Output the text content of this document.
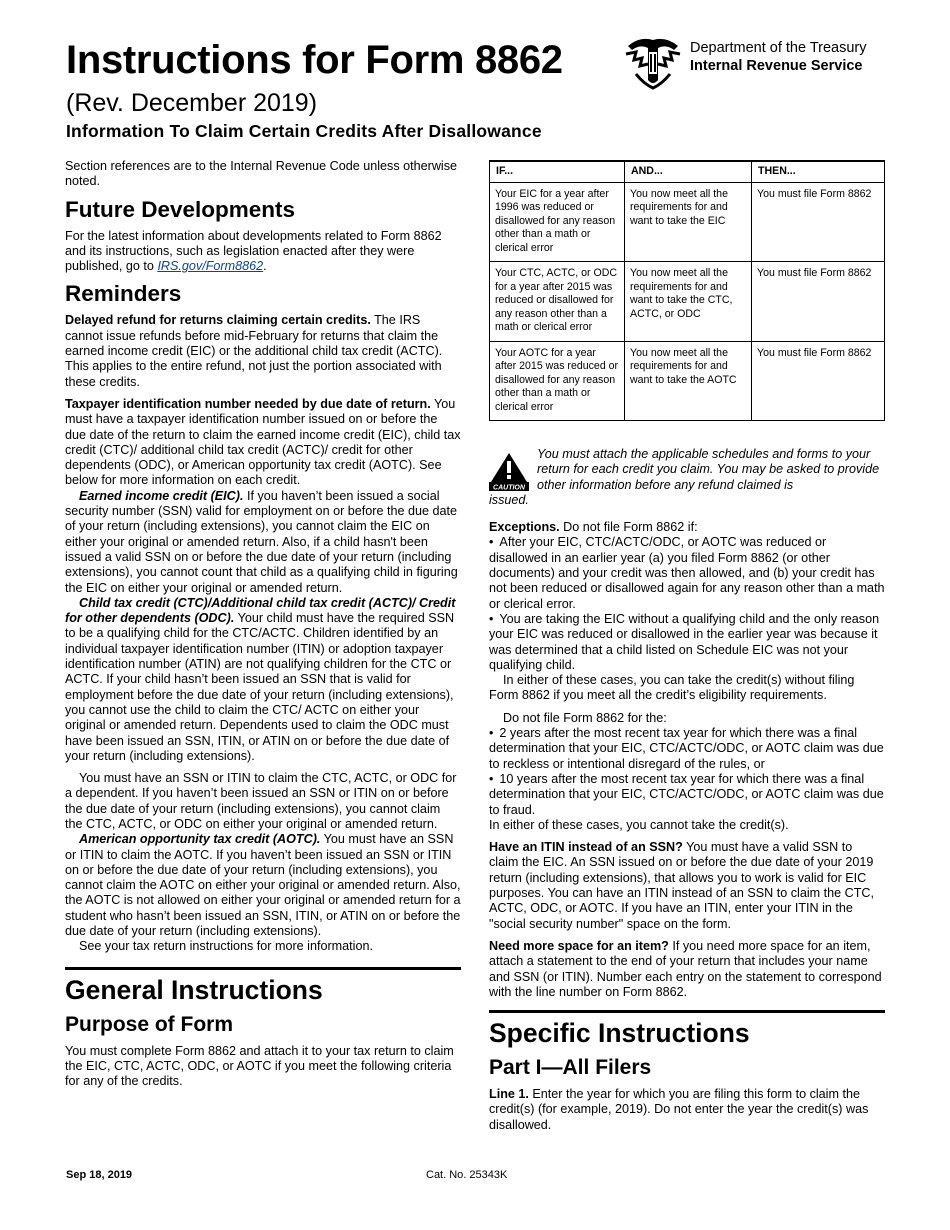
Instructions for Form 8862
(Rev. December 2019)
Information To Claim Certain Credits After Disallowance
Department of the Treasury
Internal Revenue Service

Section references are to the Internal Revenue Code unless otherwise noted.

Future Developments

For the latest information about developments related to Form 8862 and its instructions, such as legislation enacted after they were published, go to IRS.gov/Form8862.

Reminders

Delayed refund for returns claiming certain credits. The IRS cannot issue refunds before mid-February for returns that claim the earned income credit (EIC) or the additional child tax credit (ACTC). This applies to the entire refund, not just the portion associated with these credits.

Taxpayer identification number needed by due date of return. You must have a taxpayer identification number issued on or before the due date of the return to claim the earned income credit (EIC), child tax credit (CTC)/ additional child tax credit (ACTC)/ credit for other dependents (ODC), or American opportunity tax credit (AOTC). See below for more information on each credit.

Earned income credit (EIC). If you haven’t been issued a social security number (SSN) valid for employment on or before the due date of your return (including extensions), you cannot claim the EIC on either your original or amended return. Also, if a child hasn't been issued a valid SSN on or before the due date of your return (including extensions), you cannot count that child as a qualifying child in figuring the EIC on either your original or amended return.

Child tax credit (CTC)/Additional child tax credit (ACTC)/ Credit for other dependents (ODC). Your child must have the required SSN to be a qualifying child for the CTC/ACTC. Children identified by an individual taxpayer identification number (ITIN) or adoption taxpayer identification number (ATIN) are not qualifying children for the CTC or ACTC. If your child hasn’t been issued an SSN that is valid for employment before the due date of your return (including extensions), you cannot use the child to claim the CTC/ ACTC on either your original or amended return. Dependents used to claim the ODC must have been issued an SSN, ITIN, or ATIN on or before the due date of your return (including extensions).

You must have an SSN or ITIN to claim the CTC, ACTC, or ODC for a dependent. If you haven’t been issued an SSN or ITIN on or before the due date of your return (including extensions), you cannot claim the CTC, ACTC, or ODC on either your original or amended return.

American opportunity tax credit (AOTC). You must have an SSN or ITIN to claim the AOTC. If you haven’t been issued an SSN or ITIN on or before the due date of your return (including extensions), you cannot claim the AOTC on either your original or amended return. Also, the AOTC is not allowed on either your original or amended return for a student who hasn’t been issued an SSN, ITIN, or ATIN on or before the due date of your return (including extensions).

See your tax return instructions for more information.

General Instructions
Purpose of Form

You must complete Form 8862 and attach it to your tax return to claim the EIC, CTC, ACTC, ODC, or AOTC if you meet the following criteria for any of the credits.

IF...	AND...	THEN...
Your EIC for a year after 1996 was reduced or disallowed for any reason other than a math or clerical error	You now meet all the requirements for and want to take the EIC	You must file Form 8862
Your CTC, ACTC, or ODC for a year after 2015 was reduced or disallowed for any reason other than a math or clerical error	You now meet all the requirements for and want to take the CTC, ACTC, or ODC	You must file Form 8862
Your AOTC for a year after 2015 was reduced or disallowed for any reason other than a math or clerical error	You now meet all the requirements for and want to take the AOTC	You must file Form 8862
CAUTION
You must attach the applicable schedules and forms to your return for each credit you claim. You may be asked to provide other information before any refund claimed is
issued.

Exceptions. Do not file Form 8862 if:

• After your EIC, CTC/ACTC/ODC, or AOTC was reduced or disallowed in an earlier year (a) you filed Form 8862 (or other documents) and your credit was then allowed, and (b) your credit has not been reduced or disallowed again for any reason other than a math or clerical error.

• You are taking the EIC without a qualifying child and the only reason your EIC was reduced or disallowed in the earlier year was because it was determined that a child listed on Schedule EIC was not your qualifying child.

In either of these cases, you can take the credit(s) without filing Form 8862 if you meet all the credit’s eligibility requirements.

Do not file Form 8862 for the:

• 2 years after the most recent tax year for which there was a final determination that your EIC, CTC/ACTC/ODC, or AOTC claim was due to reckless or intentional disregard of the rules, or

• 10 years after the most recent tax year for which there was a final determination that your EIC, CTC/ACTC/ODC, or AOTC claim was due to fraud.

In either of these cases, you cannot take the credit(s).

Have an ITIN instead of an SSN? You must have a valid SSN to claim the EIC. An SSN issued on or before the due date of your 2019 return (including extensions), that allows you to work is valid for EIC purposes. You can have an ITIN instead of an SSN to claim the CTC, ACTC, ODC, or AOTC. If you have an ITIN, enter your ITIN in the "social security number" space on the form.

Need more space for an item? If you need more space for an item, attach a statement to the end of your return that includes your name and SSN (or ITIN). Number each entry on the statement to correspond with the line number on Form 8862.

Specific Instructions
Part I—All Filers

Line 1. Enter the year for which you are filing this form to claim the credit(s) (for example, 2019). Do not enter the year the credit(s) was disallowed.

Sep 18, 2019	Cat. No. 25343K
